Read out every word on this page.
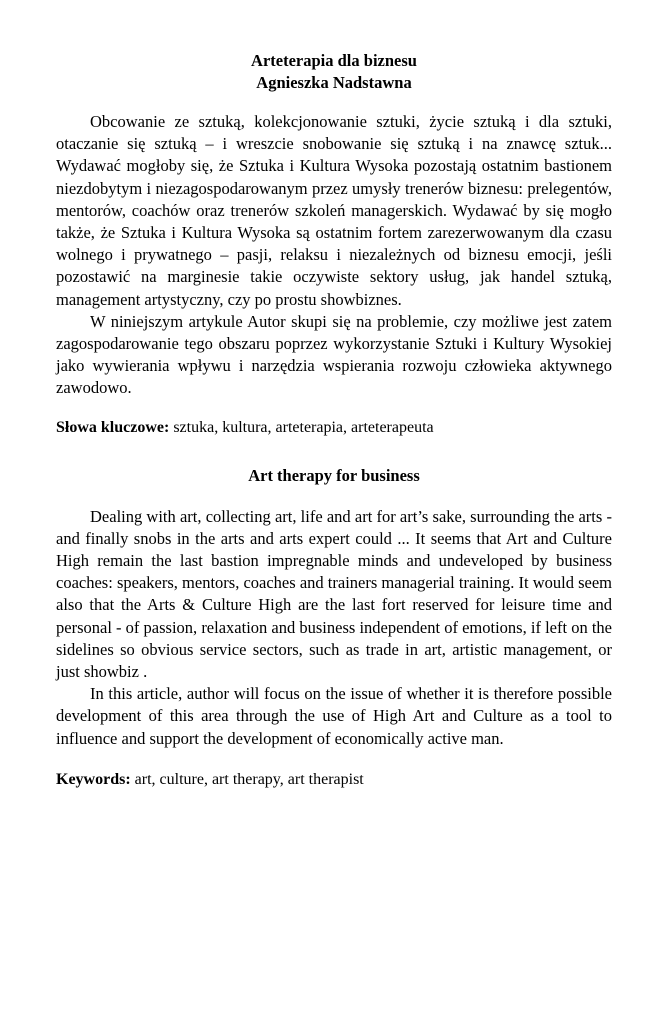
Arteterapia dla biznesu
Agnieszka Nadstawna

Obcowanie ze sztuką, kolekcjonowanie sztuki, życie sztuką i dla sztuki, otaczanie się sztuką – i wreszcie snobowanie się sztuką i na znawcę sztuk... Wydawać mogłoby się, że Sztuka i Kultura Wysoka pozostają ostatnim bastionem niezdobytym i niezagospodarowanym przez umysły trenerów biznesu: prelegentów, mentorów, coachów oraz trenerów szkoleń managerskich. Wydawać by się mogło także, że Sztuka i Kultura Wysoka są ostatnim fortem zarezerwowanym dla czasu wolnego i prywatnego – pasji, relaksu i niezależnych od biznesu emocji, jeśli pozostawić na marginesie takie oczywiste sektory usług, jak handel sztuką, management artystyczny, czy po prostu showbiznes.

W niniejszym artykule Autor skupi się na problemie, czy możliwe jest zatem zagospodarowanie tego obszaru poprzez wykorzystanie Sztuki i Kultury Wysokiej jako wywierania wpływu i narzędzia wspierania rozwoju człowieka aktywnego zawodowo.

Słowa kluczowe: sztuka, kultura, arteterapia, arteterapeuta

Art therapy for business

Dealing with art, collecting art, life and art for art’s sake, surrounding the arts - and finally snobs in the arts and arts expert could ... It seems that Art and Culture High remain the last bastion impregnable minds and undeveloped by business coaches: speakers, mentors, coaches and trainers managerial training. It would seem also that the Arts & Culture High are the last fort reserved for leisure time and personal - of passion, relaxation and business independent of emotions, if left on the sidelines so obvious service sectors, such as trade in art, artistic management, or just showbiz .

In this article, author will focus on the issue of whether it is therefore possible development of this area through the use of High Art and Culture as a tool to influence and support the development of economically active man.

Keywords: art, culture, art therapy, art therapist
